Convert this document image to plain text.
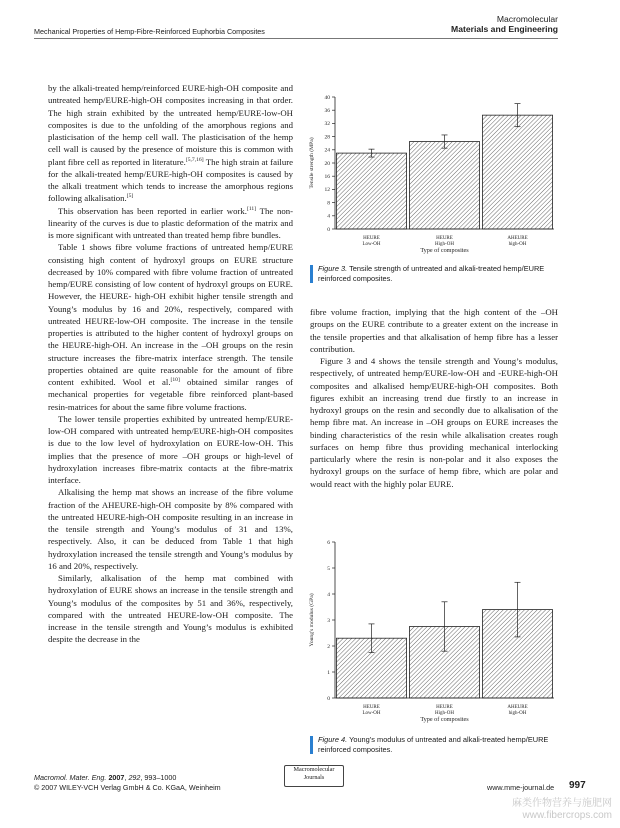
Mechanical Properties of Hemp-Fibre-Reinforced Euphorbia Composites
Macromolecular
Materials and Engineering

by the alkali-treated hemp/reinforced EURE-high-OH composite and untreated hemp/EURE-high-OH composites increasing in that order. The high strain exhibited by the untreated hemp/EURE-low-OH composites is due to the unfolding of the amorphous regions and plasticisation of the hemp cell wall. The plasticisation of the hemp cell wall is caused by the presence of moisture this is common with plant fibre cell as reported in literature.[5,7,16] The high strain at failure for the alkali-treated hemp/EURE-high-OH composites is caused by the alkali treatment which tends to increase the amorphous regions following alkalisation.[5]

This observation has been reported in earlier work.[11] The non-linearity of the curves is due to plastic deformation of the matrix and is more significant with untreated than treated hemp fibre bundles.

Table 1 shows fibre volume fractions of untreated hemp/EURE consisting high content of hydroxyl groups on EURE structure decreased by 10% compared with fibre volume fraction of untreated hemp/EURE consisting of low content of hydroxyl groups on EURE. However, the HEURE- high-OH exhibit higher tensile strength and Young’s modulus by 16 and 20%, respectively, compared with untreated HEURE-low-OH composite. The increase in the tensile properties is attributed to the higher content of hydroxyl groups on the HEURE-high-OH. An increase in the –OH groups on the resin structure increases the fibre-matrix interface strength. The tensile properties obtained are quite reasonable for the amount of fibre content exhibited. Wool et al.[10] obtained similar ranges of mechanical properties for vegetable fibre reinforced plant-based resin-matrices for about the same fibre volume fractions.

The lower tensile properties exhibited by untreated hemp/EURE-low-OH compared with untreated hemp/EURE-high-OH composites is due to the low level of hydroxylation on EURE-low-OH. This implies that the presence of more –OH groups or high-level of hydroxylation increases fibre-matrix contacts at the fibre-matrix interface.

Alkalising the hemp mat shows an increase of the fibre volume fraction of the AHEURE-high-OH composite by 8% compared with the untreated HEURE-high-OH composite resulting in an increase in the tensile strength and Young’s modulus of 31 and 13%, respectively. Also, it can be deduced from Table 1 that high hydroxylation increased the tensile strength and Young’s modulus by 16 and 20%, respectively.

Similarly, alkalisation of the hemp mat combined with hydroxylation of EURE shows an increase in the tensile strength and Young’s modulus of the composites by 51 and 36%, respectively, compared with the untreated HEURE-low-OH composite. The increase in the tensile strength and Young’s modulus is exhibited despite the decrease in the

HEURE
Low-OH
HEURE
High-OH
AHEURE
high-OH
0
4
8
12
16
20
24
28
32
36
40
Type of composites
Tensile strength (MPa)
Figure 3. Tensile strength of untreated and alkali-treated hemp/EURE reinforced composites.

fibre volume fraction, implying that the high content of the –OH groups on the EURE contribute to a greater extent on the increase in the tensile properties and that alkalisation of hemp fibre has a lesser contribution.

Figure 3 and 4 shows the tensile strength and Young’s modulus, respectively, of untreated hemp/EURE-low-OH and -EURE-high-OH composites and alkalised hemp/EURE-high-OH composites. Both figures exhibit an increasing trend due firstly to an increase in hydroxyl groups on the resin and secondly due to alkalisation of the hemp fibre mat. An increase in –OH groups on EURE increases the binding characteristics of the resin while alkalisation creates rough surfaces on hemp fibre thus providing mechanical interlocking particularly where the resin is non-polar and it also exposes the hydroxyl groups on the surface of hemp fibre, which are polar and would react with the highly polar EURE.

HEURE
Low-OH
HEURE
High-OH
AHEURE
high-OH
0
1
2
3
4
5
6
Type of composites
Young's modulus (GPa)
Figure 4. Young’s modulus of untreated and alkali-treated hemp/EURE reinforced composites.
Macromol. Mater. Eng. 2007, 292, 993–1000
© 2007 WILEY-VCH Verlag GmbH & Co. KGaA, Weinheim
Macromolecular
Journals
www.mme-journal.de 997
麻类作物营养与施肥网
www.fibercrops.com
